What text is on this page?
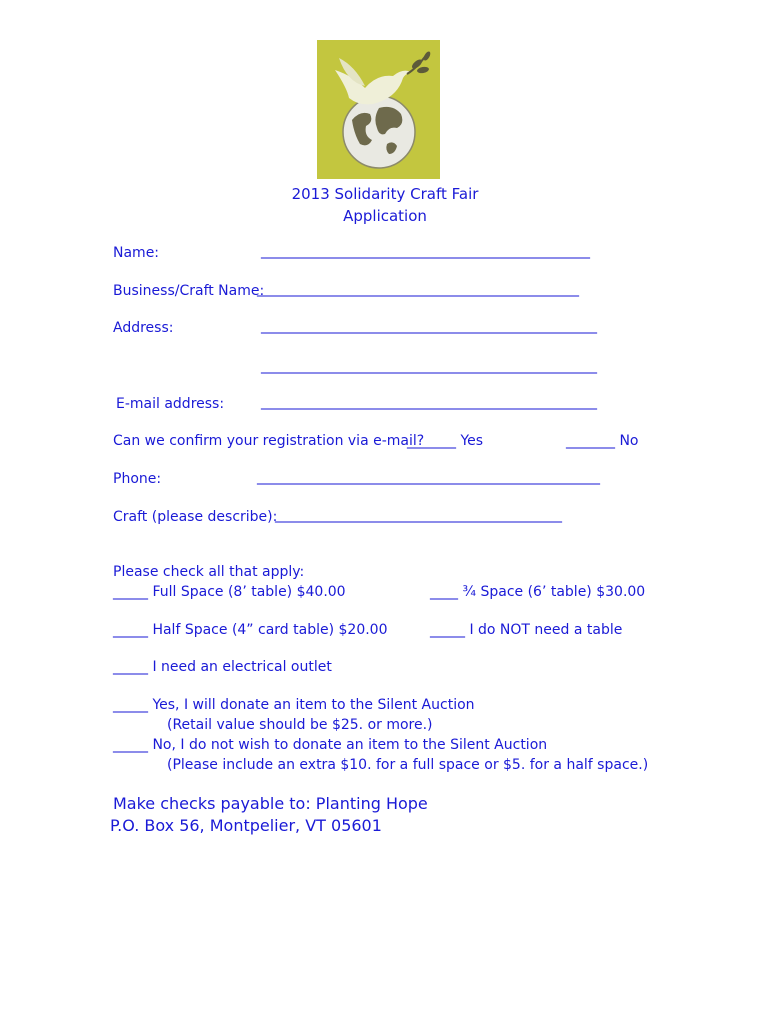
2013 Solidarity Craft Fair
Application
Name:	_______________________________________________
Business/Craft Name:
______________________________________________
Address:	________________________________________________
________________________________________________
E-mail address:	________________________________________________
Can we confirm your registration via e-mail?
_______ Yes	_______ No
Phone:	_________________________________________________
Craft (please describe):
_________________________________________
Please check all that apply:
_____ Full Space (8’ table) $40.00	____ ¾ Space (6’ table) $30.00
_____ Half Space (4” card table) $20.00	_____ I do NOT need a table
_____ I need an electrical outlet
_____ Yes, I will donate an item to the Silent Auction
(Retail value should be $25. or more.)
_____ No, I do not wish to donate an item to the Silent Auction
(Please include an extra $10. for a full space or $5. for a half space.)
Make checks payable to: Planting Hope
P.O. Box 56, Montpelier, VT 05601
